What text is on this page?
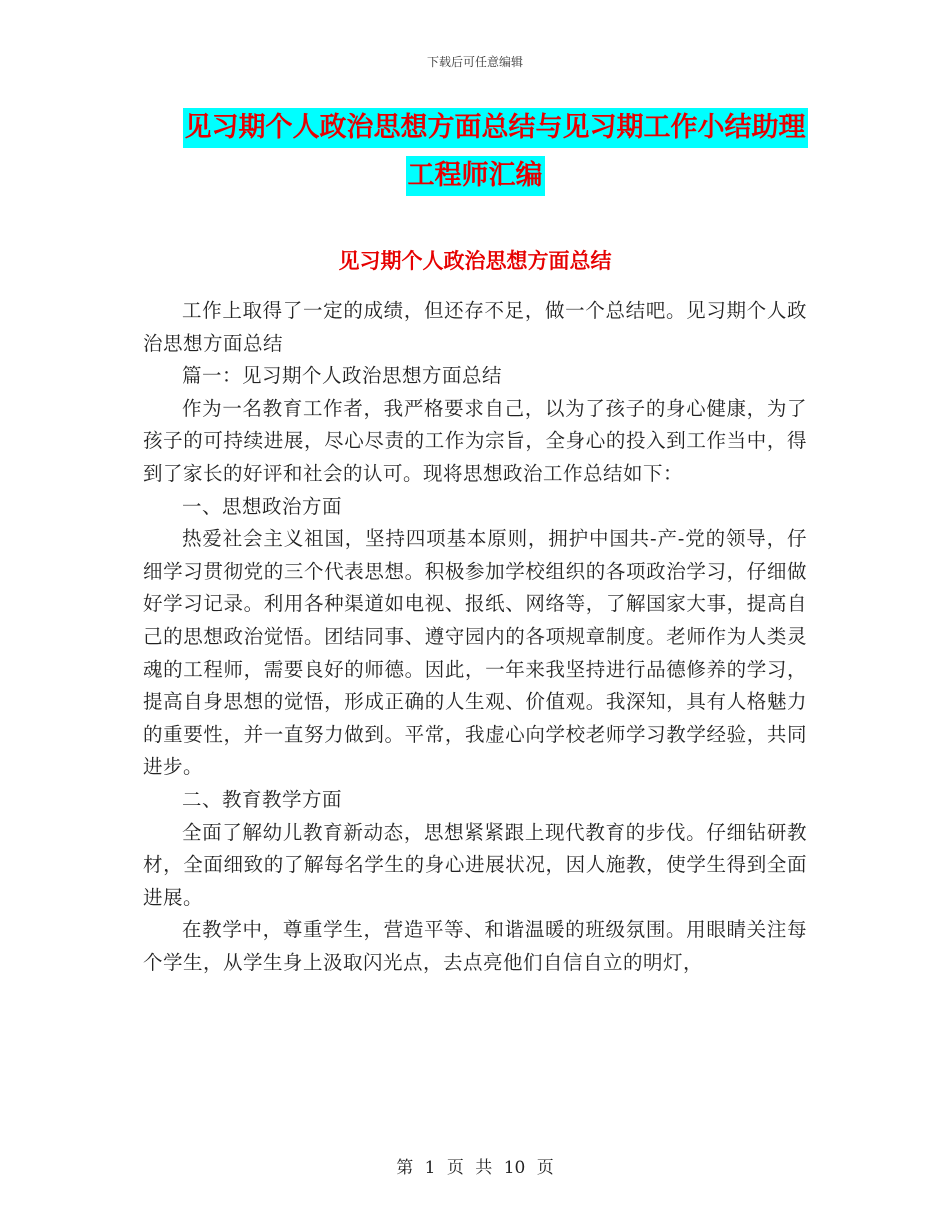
下载后可任意编辑
见习期个人政治思想方面总结与见习期工作小结助理
工程师汇编
见习期个人政治思想方面总结

工作上取得了一定的成绩，但还存不足，做一个总结吧。见习期个人政治思想方面总结

篇一：见习期个人政治思想方面总结

作为一名教育工作者，我严格要求自己，以为了孩子的身心健康，为了孩子的可持续进展，尽心尽责的工作为宗旨，全身心的投入到工作当中，得到了家长的好评和社会的认可。现将思想政治工作总结如下：

一、思想政治方面

热爱社会主义祖国，坚持四项基本原则，拥护中国共-产-党的领导，仔细学习贯彻党的三个代表思想。积极参加学校组织的各项政治学习，仔细做好学习记录。利用各种渠道如电视、报纸、网络等，了解国家大事，提高自己的思想政治觉悟。团结同事、遵守园内的各项规章制度。老师作为人类灵魂的工程师，需要良好的师德。因此，一年来我坚持进行品德修养的学习，提高自身思想的觉悟，形成正确的人生观、价值观。我深知，具有人格魅力的重要性，并一直努力做到。平常，我虚心向学校老师学习教学经验，共同进步。

二、教育教学方面

全面了解幼儿教育新动态，思想紧紧跟上现代教育的步伐。仔细钻研教材，全面细致的了解每名学生的身心进展状况，因人施教，使学生得到全面进展。

在教学中，尊重学生，营造平等、和谐温暖的班级氛围。用眼睛关注每个学生，从学生身上汲取闪光点，去点亮他们自信自立的明灯，

第 1 页 共 10 页
